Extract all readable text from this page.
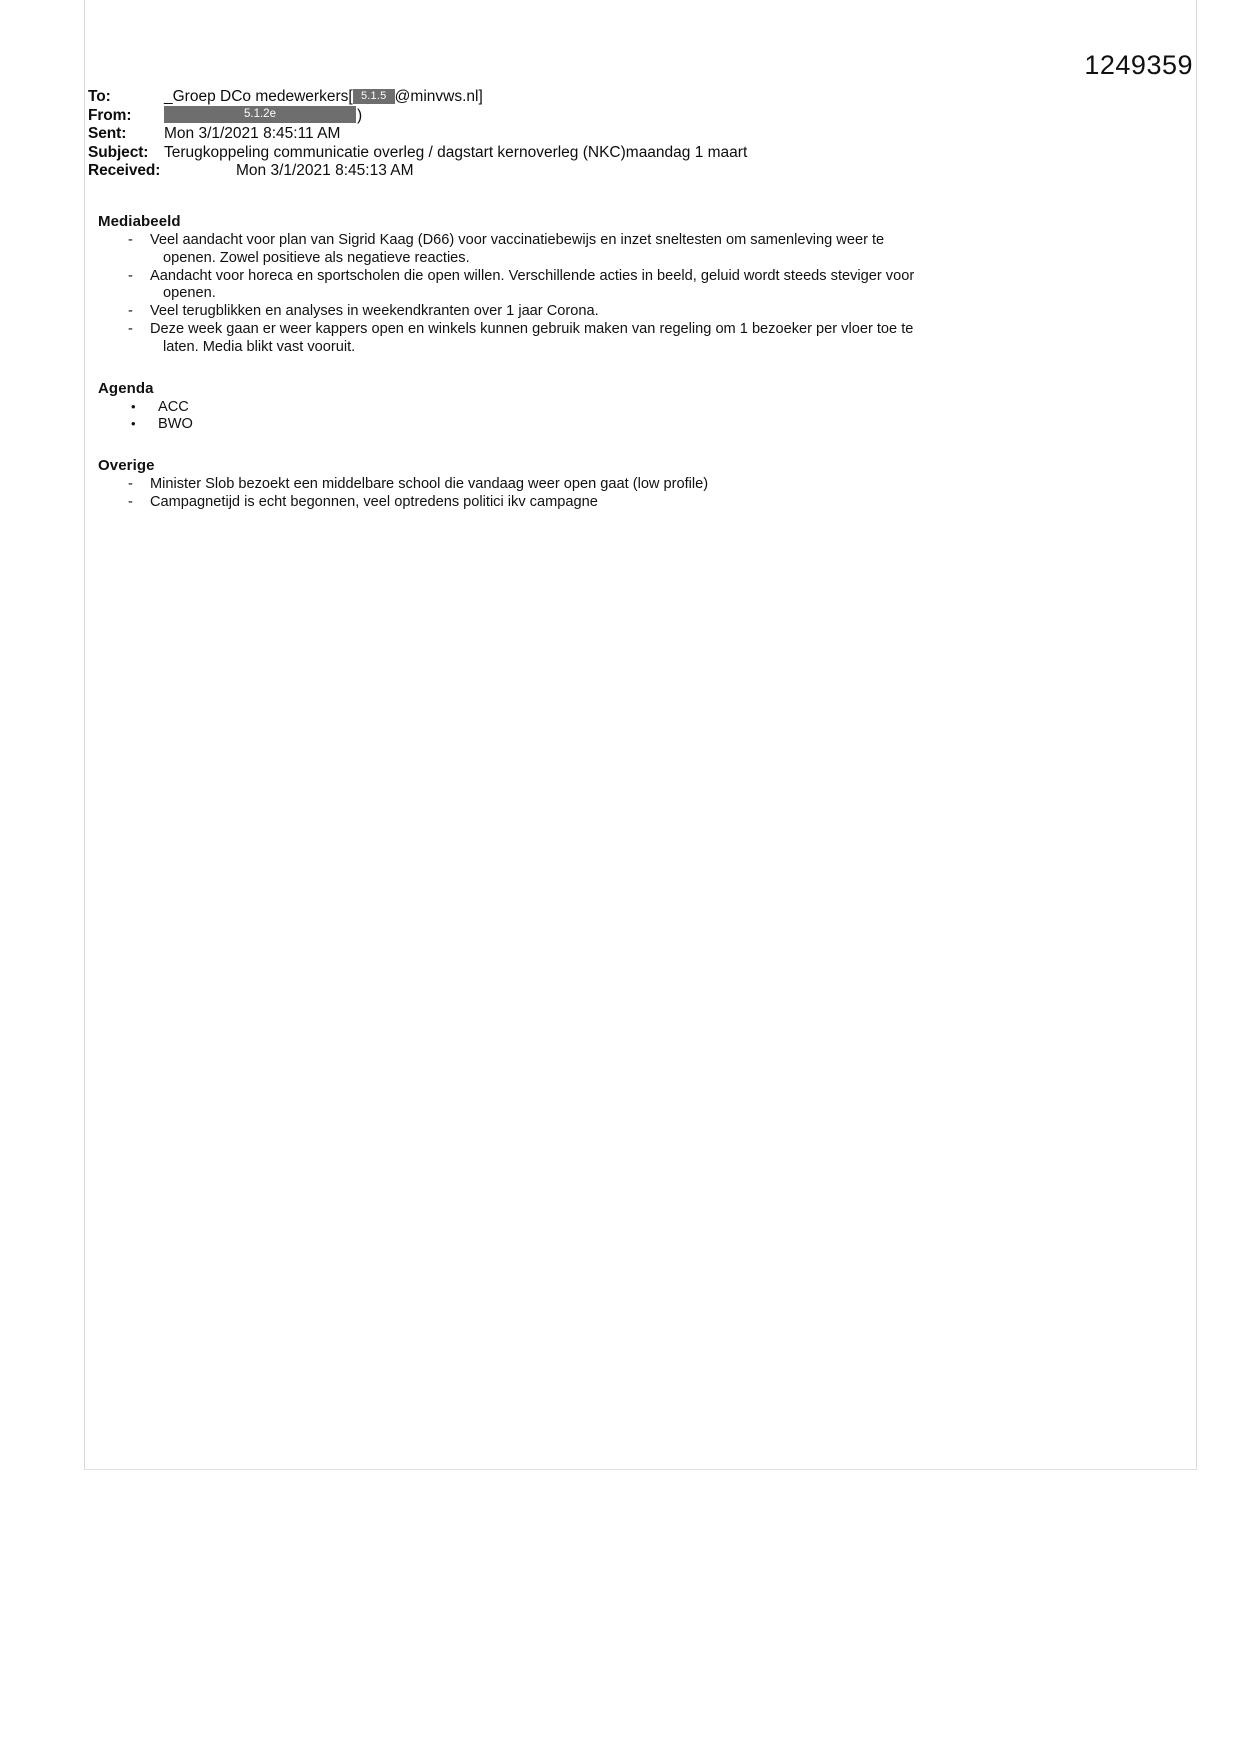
1249359
To:	_Groep DCo medewerkers[ 5.1.5 @minvws.nl]
From:	5.1.2e	)
Sent:	Mon 3/1/2021 8:45:11 AM
Subject:	Terugkoppeling communicatie overleg / dagstart kernoverleg (NKC)maandag 1 maart
Received:	Mon 3/1/2021 8:45:13 AM
Mediabeeld
- Veel aandacht voor plan van Sigrid Kaag (D66) voor vaccinatiebewijs en inzet sneltesten om samenleving weer te
openen. Zowel positieve als negatieve reacties.
- Aandacht voor horeca en sportscholen die open willen. Verschillende acties in beeld, geluid wordt steeds steviger voor
openen.
- Veel terugblikken en analyses in weekendkranten over 1 jaar Corona.
- Deze week gaan er weer kappers open en winkels kunnen gebruik maken van regeling om 1 bezoeker per vloer toe te
laten. Media blikt vast vooruit.
Agenda
• ACC
• BWO
Overige
- Minister Slob bezoekt een middelbare school die vandaag weer open gaat (low profile)
- Campagnetijd is echt begonnen, veel optredens politici ikv campagne
